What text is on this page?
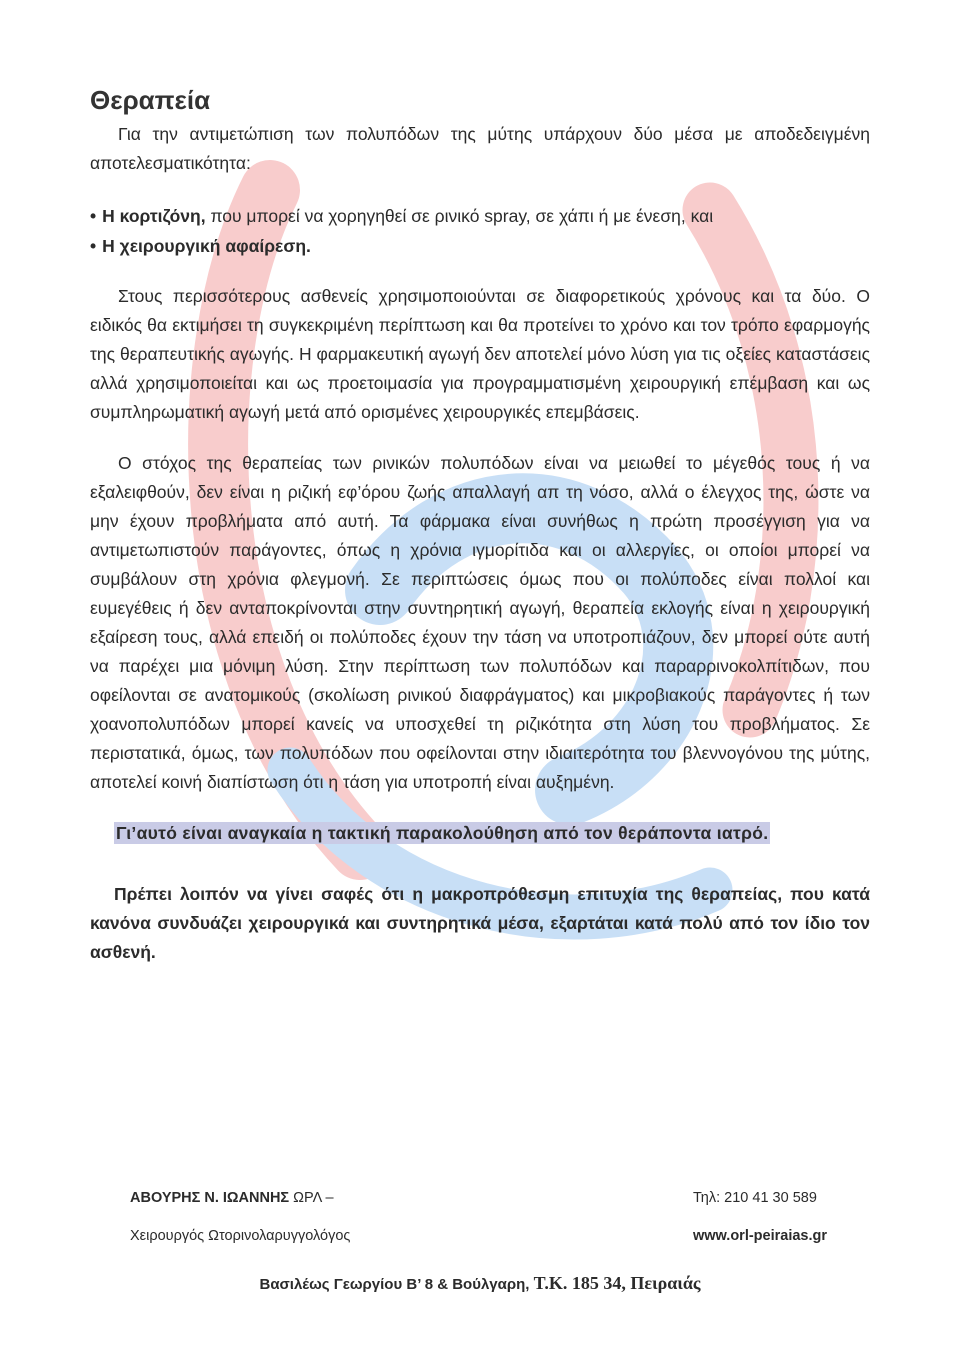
Θεραπεία

Για την αντιμετώπιση των πολυπόδων της μύτης υπάρχουν δύο μέσα με αποδεδειγμένη αποτελεσματικότητα:

• Η κορτιζόνη, που μπορεί να χορηγηθεί σε ρινικό spray, σε χάπι ή με ένεση, και
• Η χειρουργική αφαίρεση.

Στους περισσότερους ασθενείς χρησιμοποιούνται σε διαφορετικούς χρόνους και τα δύο. Ο ειδικός θα εκτιμήσει τη συγκεκριμένη περίπτωση και θα προτείνει το χρόνο και τον τρόπο εφαρμογής της θεραπευτικής αγωγής. Η φαρμακευτική αγωγή δεν αποτελεί μόνο λύση για τις οξείες καταστάσεις αλλά χρησιμοποιείται και ως προετοιμασία για προγραμματισμένη χειρουργική επέμβαση και ως συμπληρωματική αγωγή μετά από ορισμένες χειρουργικές επεμβάσεις.

Ο στόχος της θεραπείας των ρινικών πολυπόδων είναι να μειωθεί το μέγεθός τους ή να εξαλειφθούν, δεν είναι η ριζική εφ’όρου ζωής απαλλαγή απ τη νόσο, αλλά ο έλεγχος της, ώστε να μην έχουν προβλήματα από αυτή. Τα φάρμακα είναι συνήθως η πρώτη προσέγγιση για να αντιμετωπιστούν παράγοντες, όπως η χρόνια ιγμορίτιδα και οι αλλεργίες, οι οποίοι μπορεί να συμβάλουν στη χρόνια φλεγμονή. Σε περιπτώσεις όμως που οι πολύποδες είναι πολλοί και ευμεγέθεις ή δεν ανταποκρίνονται στην συντηρητική αγωγή, θεραπεία εκλογής είναι η χειρουργική εξαίρεση τους, αλλά επειδή οι πολύποδες έχουν την τάση να υποτροπιάζουν, δεν μπορεί ούτε αυτή να παρέχει μια μόνιμη λύση. Στην περίπτωση των πολυπόδων και παραρρινοκολπίτιδων, που οφείλονται σε ανατομικούς (σκολίωση ρινικού διαφράγματος) και μικροβιακούς παράγοντες ή των χοανοπολυπόδων μπορεί κανείς να υποσχεθεί τη ριζικότητα στη λύση του προβλήματος. Σε περιστατικά, όμως, των πολυπόδων που οφείλονται στην ιδιαιτερότητα του βλεννογόνου της μύτης, αποτελεί κοινή διαπίστωση ότι η τάση για υποτροπή είναι αυξημένη.

Γι’αυτό είναι αναγκαία η τακτική παρακολούθηση από τον θεράποντα ιατρό.

Πρέπει λοιπόν να γίνει σαφές ότι η μακροπρόθεσμη επιτυχία της θεραπείας, που κατά κανόνα συνδυάζει χειρουργικά και συντηρητικά μέσα, εξαρτάται κατά πολύ από τον ίδιο τον ασθενή.

ΑΒΟΥΡΗΣ Ν. ΙΩΑΝΝΗΣ ΩΡΛ –	Τηλ: 210 41 30 589
Χειρουργός Ωτορινολαρυγγολόγος	www.orl-peiraias.gr
Βασιλέως Γεωργίου Β’ 8 & Βούλγαρη, Τ.Κ. 185 34, Πειραιάς
